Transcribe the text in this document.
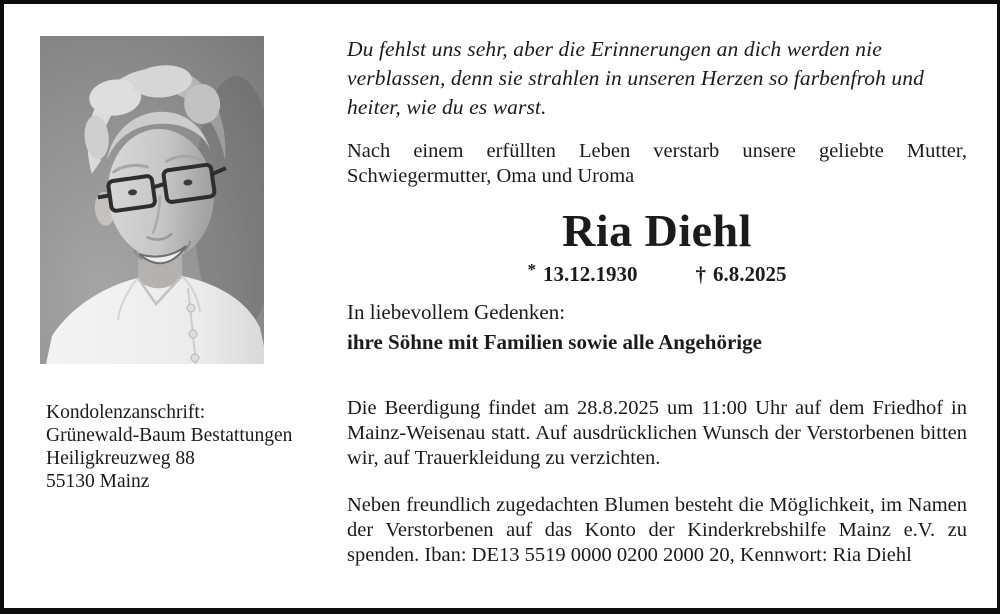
Du fehlst uns sehr, aber die Erinnerungen an dich werden nie verblassen, denn sie strahlen in unseren Herzen so farbenfroh und heiter, wie du es warst.
Nach einem erfüllten Leben verstarb unsere geliebte Mutter, Schwiegermutter, Oma und Uroma
Ria Diehl
* 13.12.1930	† 6.8.2025
In liebevollem Gedenken:
ihre Söhne mit Familien sowie alle Angehörige
Kondolenzanschrift:
Grünewald-Baum Bestattungen
Heiligkreuzweg 88
55130 Mainz
Die Beerdigung findet am 28.8.2025 um 11:00 Uhr auf dem Friedhof in Mainz-Weisenau statt. Auf ausdrücklichen Wunsch der Verstorbenen bitten wir, auf Trauerkleidung zu verzichten.
Neben freundlich zugedachten Blumen besteht die Möglichkeit, im Namen der Verstorbenen auf das Konto der Kinderkrebshilfe Mainz e.V. zu spenden. Iban: DE13 5519 0000 0200 2000 20, Kennwort: Ria Diehl
